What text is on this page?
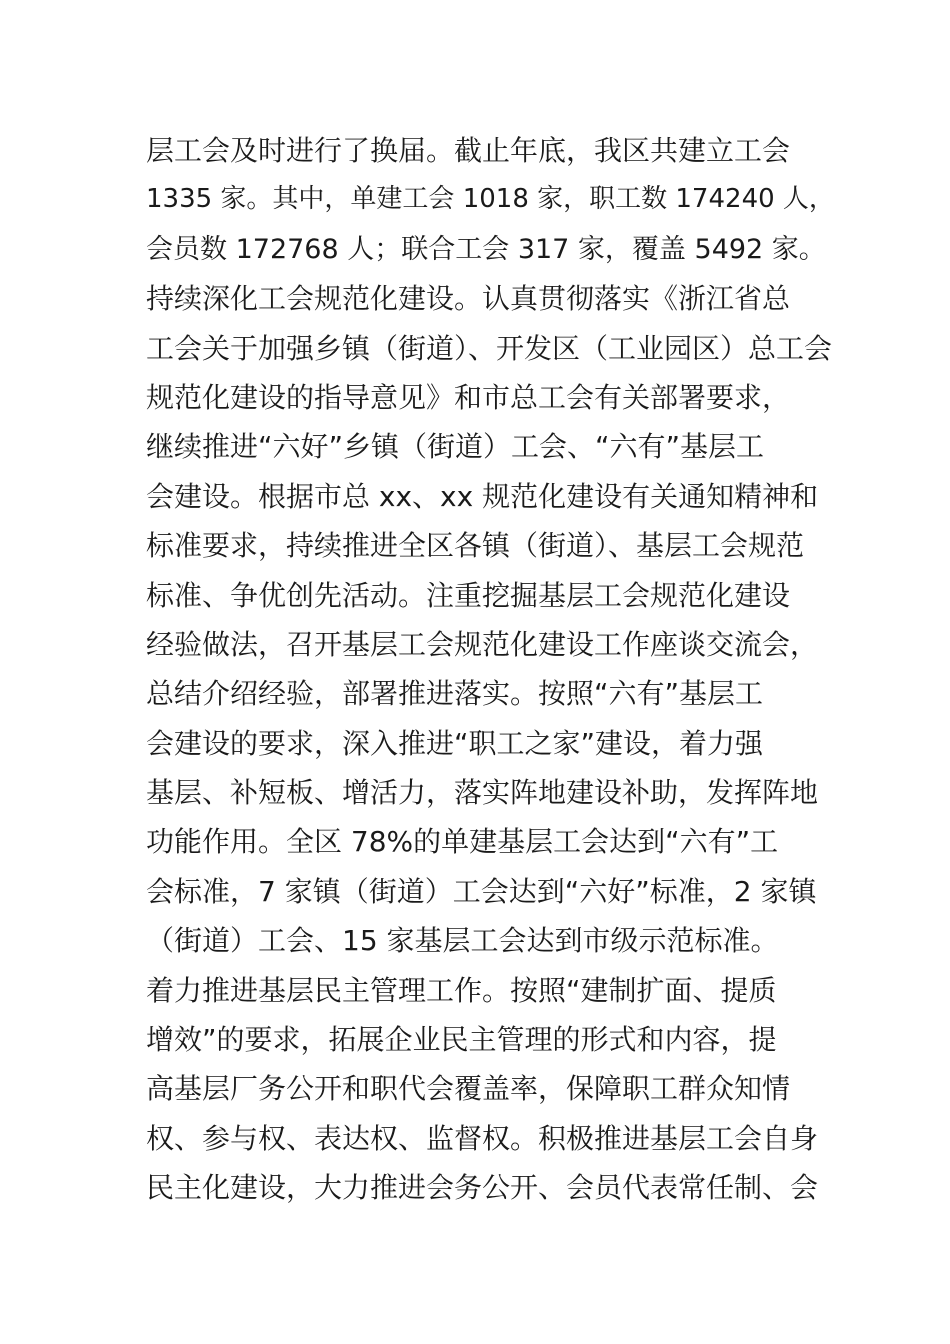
层工会及时进行了换届。截止年底，我区共建立工会
1335 家。其中，单建工会 1018 家，职工数 174240 人，
会员数 172768 人；联合工会 317 家，覆盖 5492 家。
持续深化工会规范化建设。认真贯彻落实《浙江省总
工会关于加强乡镇（街道）、开发区（工业园区）总工会
规范化建设的指导意见》和市总工会有关部署要求，
继续推进“六好”乡镇（街道）工会、“六有”基层工
会建设。根据市总 xx、xx 规范化建设有关通知精神和
标准要求，持续推进全区各镇（街道）、基层工会规范
标准、争优创先活动。注重挖掘基层工会规范化建设
经验做法，召开基层工会规范化建设工作座谈交流会，
总结介绍经验，部署推进落实。按照“六有”基层工
会建设的要求，深入推进“职工之家”建设，着力强
基层、补短板、增活力，落实阵地建设补助，发挥阵地
功能作用。全区 78%的单建基层工会达到“六有”工
会标准，7 家镇（街道）工会达到“六好”标准，2 家镇
（街道）工会、15 家基层工会达到市级示范标准。
着力推进基层民主管理工作。按照“建制扩面、提质
增效”的要求，拓展企业民主管理的形式和内容，提
高基层厂务公开和职代会覆盖率，保障职工群众知情
权、参与权、表达权、监督权。积极推进基层工会自身
民主化建设，大力推进会务公开、会员代表常任制、会
